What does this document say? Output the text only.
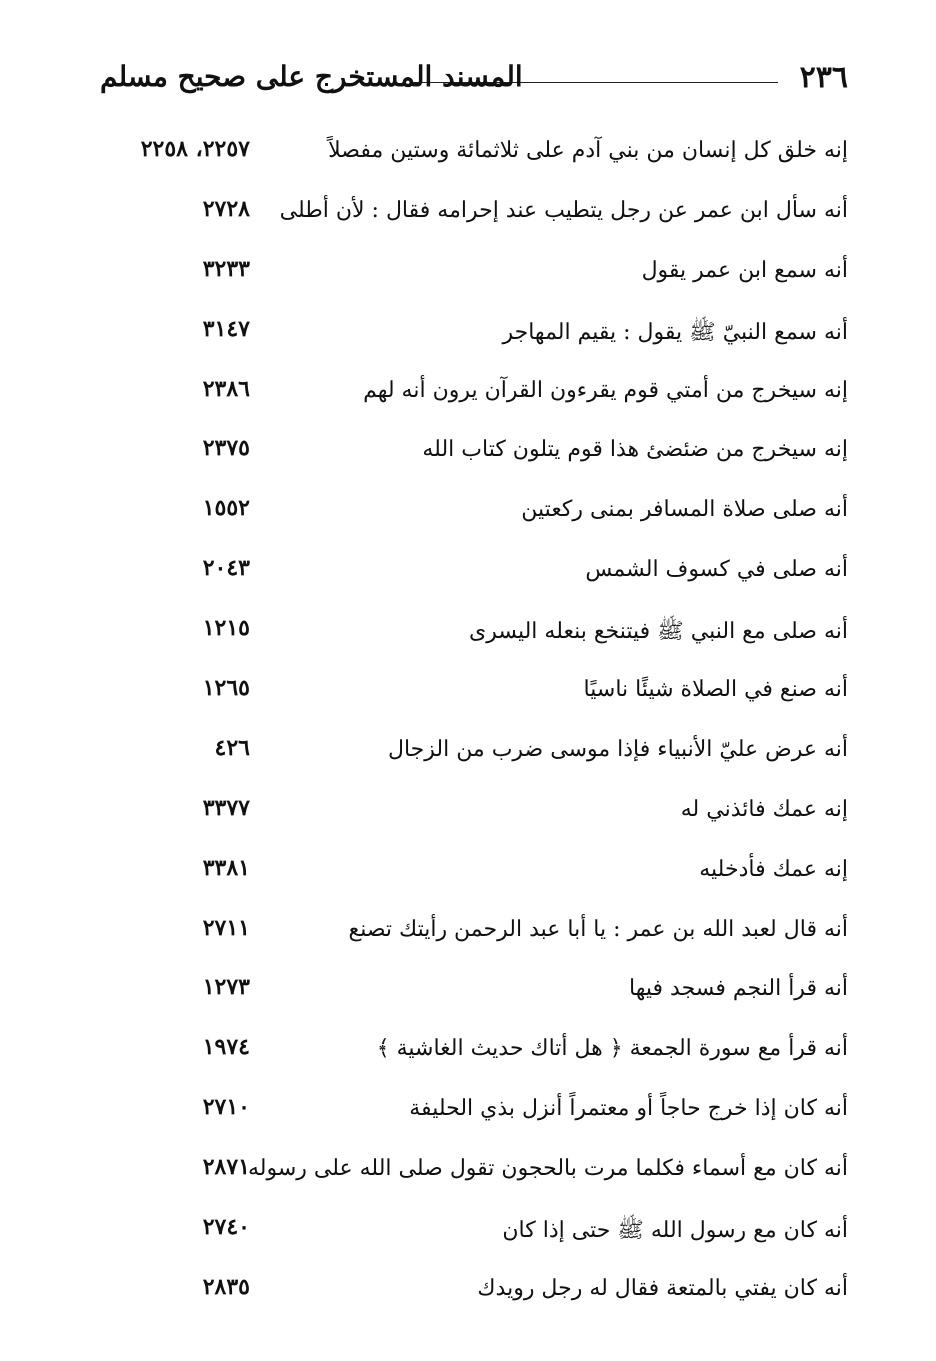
٢٣٦
المسند المستخرج على صحيح مسلم
إنه خلق كل إنسان من بني آدم على ثلاثمائة وستين مفصلاً
٢٢٥٧، ٢٢٥٨
أنه سأل ابن عمر عن رجل يتطيب عند إحرامه فقال : لأن أطلى
٢٧٢٨
أنه سمع ابن عمر يقول
٣٢٣٣
أنه سمع النبيّ ﷺ يقول : يقيم المهاجر
٣١٤٧
إنه سيخرج من أمتي قوم يقرءون القرآن يرون أنه لهم
٢٣٨٦
إنه سيخرج من ضئضئ هذا قوم يتلون كتاب الله
٢٣٧٥
أنه صلى صلاة المسافر بمنى ركعتين
١٥٥٢
أنه صلى في كسوف الشمس
٢٠٤٣
أنه صلى مع النبي ﷺ فيتنخع بنعله اليسرى
١٢١٥
أنه صنع في الصلاة شيئًا ناسيًا
١٢٦٥
أنه عرض عليّ الأنبياء فإذا موسى ضرب من الزجال
٤٢٦
إنه عمك فائذني له
٣٣٧٧
إنه عمك فأدخليه
٣٣٨١
أنه قال لعبد الله بن عمر : يا أبا عبد الرحمن رأيتك تصنع
٢٧١١
أنه قرأ النجم فسجد فيها
١٢٧٣
أنه قرأ مع سورة الجمعة ﴿ هل أتاك حديث الغاشية ﴾
١٩٧٤
أنه كان إذا خرج حاجاً أو معتمراً أنزل بذي الحليفة
٢٧١٠
أنه كان مع أسماء فكلما مرت بالحجون تقول صلى الله على رسوله
٢٨٧١
أنه كان مع رسول الله ﷺ حتى إذا كان
٢٧٤٠
أنه كان يفتي بالمتعة فقال له رجل رويدك
٢٨٣٥
